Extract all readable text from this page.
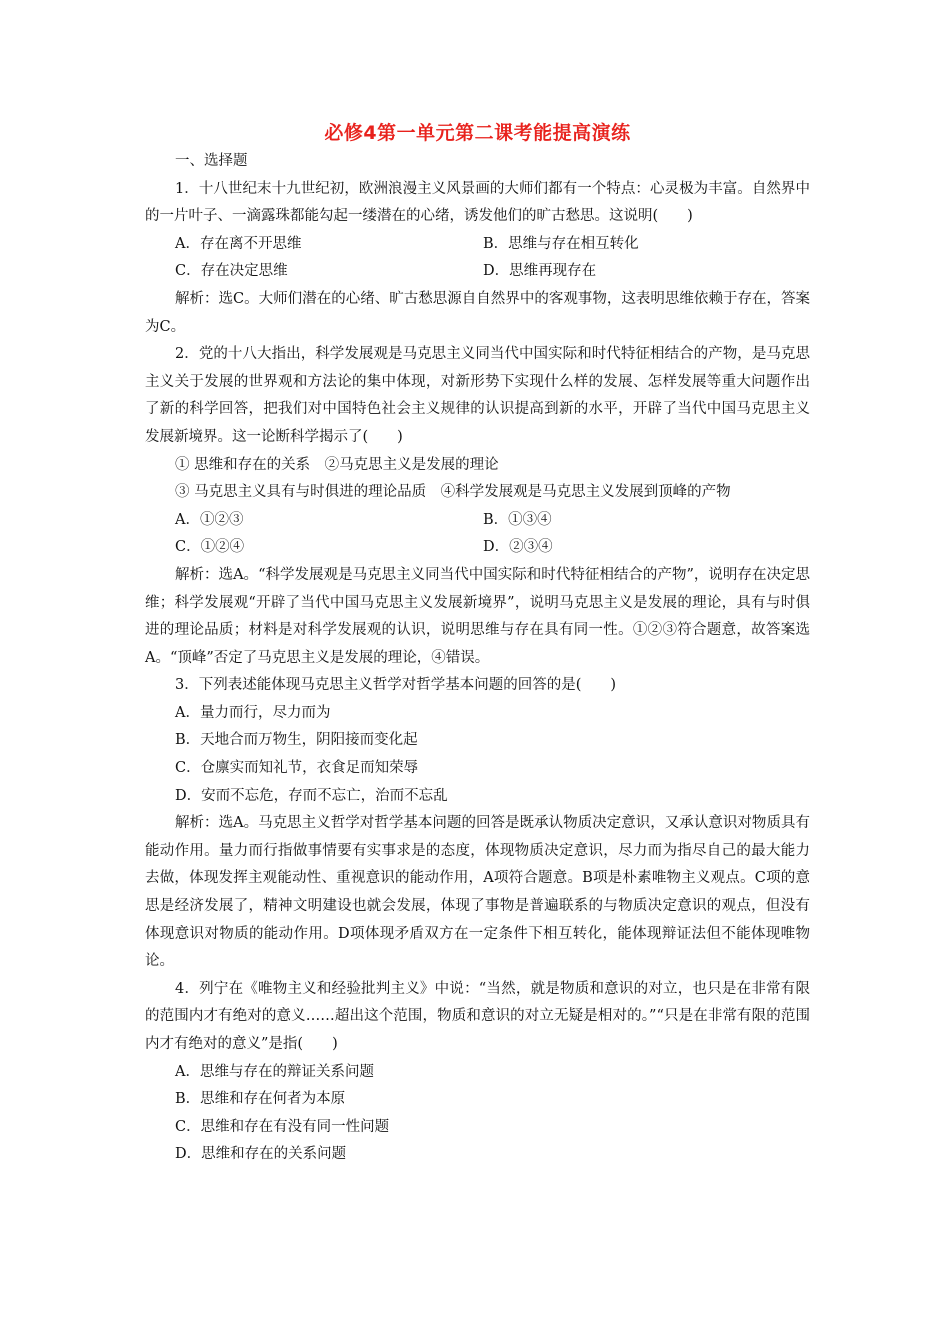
必修4第一单元第二课考能提高演练

一、选择题

1．十八世纪末十九世纪初，欧洲浪漫主义风景画的大师们都有一个特点：心灵极为丰富。自然界中的一片叶子、一滴露珠都能勾起一缕潜在的心绪，诱发他们的旷古愁思。这说明(　　)

A．存在离不开思维	B．思维与存在相互转化
C．存在决定思维	D．思维再现存在

解析：选C。大师们潜在的心绪、旷古愁思源自自然界中的客观事物，这表明思维依赖于存在，答案为C。

2．党的十八大指出，科学发展观是马克思主义同当代中国实际和时代特征相结合的产物，是马克思主义关于发展的世界观和方法论的集中体现，对新形势下实现什么样的发展、怎样发展等重大问题作出了新的科学回答，把我们对中国特色社会主义规律的认识提高到新的水平，开辟了当代中国马克思主义发展新境界。这一论断科学揭示了(　　)

① 思维和存在的关系　②马克思主义是发展的理论

③ 马克思主义具有与时俱进的理论品质　④科学发展观是马克思主义发展到顶峰的产物

A．①②③	B．①③④
C．①②④	D．②③④

解析：选A。“科学发展观是马克思主义同当代中国实际和时代特征相结合的产物”，说明存在决定思维；科学发展观“开辟了当代中国马克思主义发展新境界”，说明马克思主义是发展的理论，具有与时俱进的理论品质；材料是对科学发展观的认识，说明思维与存在具有同一性。①②③符合题意，故答案选A。“顶峰”否定了马克思主义是发展的理论，④错误。

3．下列表述能体现马克思主义哲学对哲学基本问题的回答的是(　　)

A．量力而行，尽力而为

B．天地合而万物生，阴阳接而变化起

C．仓廪实而知礼节，衣食足而知荣辱

D．安而不忘危，存而不忘亡，治而不忘乱

解析：选A。马克思主义哲学对哲学基本问题的回答是既承认物质决定意识，又承认意识对物质具有能动作用。量力而行指做事情要有实事求是的态度，体现物质决定意识，尽力而为指尽自己的最大能力去做，体现发挥主观能动性、重视意识的能动作用，A项符合题意。B项是朴素唯物主义观点。C项的意思是经济发展了，精神文明建设也就会发展，体现了事物是普遍联系的与物质决定意识的观点，但没有体现意识对物质的能动作用。D项体现矛盾双方在一定条件下相互转化，能体现辩证法但不能体现唯物论。

4．列宁在《唯物主义和经验批判主义》中说：“当然，就是物质和意识的对立，也只是在非常有限的范围内才有绝对的意义……超出这个范围，物质和意识的对立无疑是相对的。”“只是在非常有限的范围内才有绝对的意义”是指(　　)

A．思维与存在的辩证关系问题

B．思维和存在何者为本原

C．思维和存在有没有同一性问题

D．思维和存在的关系问题
